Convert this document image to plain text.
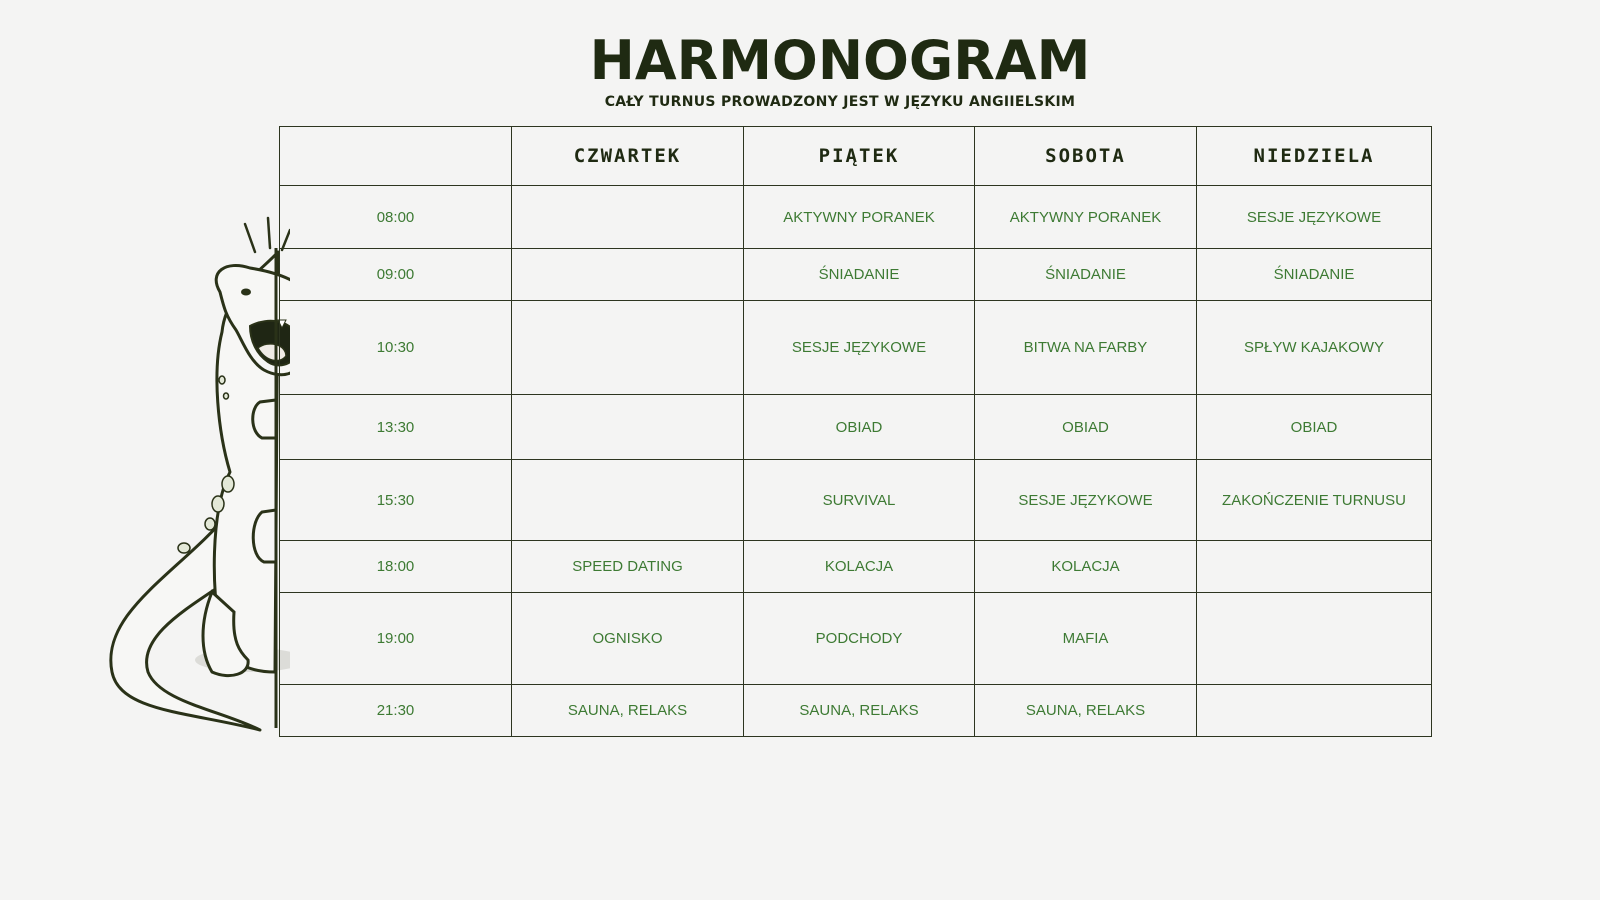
HARMONOGRAM
CAŁY TURNUS PROWADZONY JEST W JĘZYKU ANGIIELSKIM
	CZWARTEK	PIĄTEK	SOBOTA	NIEDZIELA
08:00		AKTYWNY PORANEK	AKTYWNY PORANEK	SESJE JĘZYKOWE
09:00		ŚNIADANIE	ŚNIADANIE	ŚNIADANIE
10:30		SESJE JĘZYKOWE	BITWA NA FARBY	SPŁYW KAJAKOWY
13:30		OBIAD	OBIAD	OBIAD
15:30		SURVIVAL	SESJE JĘZYKOWE	ZAKOŃCZENIE TURNUSU
18:00	SPEED DATING	KOLACJA	KOLACJA	
19:00	OGNISKO	PODCHODY	MAFIA	
21:30	SAUNA, RELAKS	SAUNA, RELAKS	SAUNA, RELAKS	
